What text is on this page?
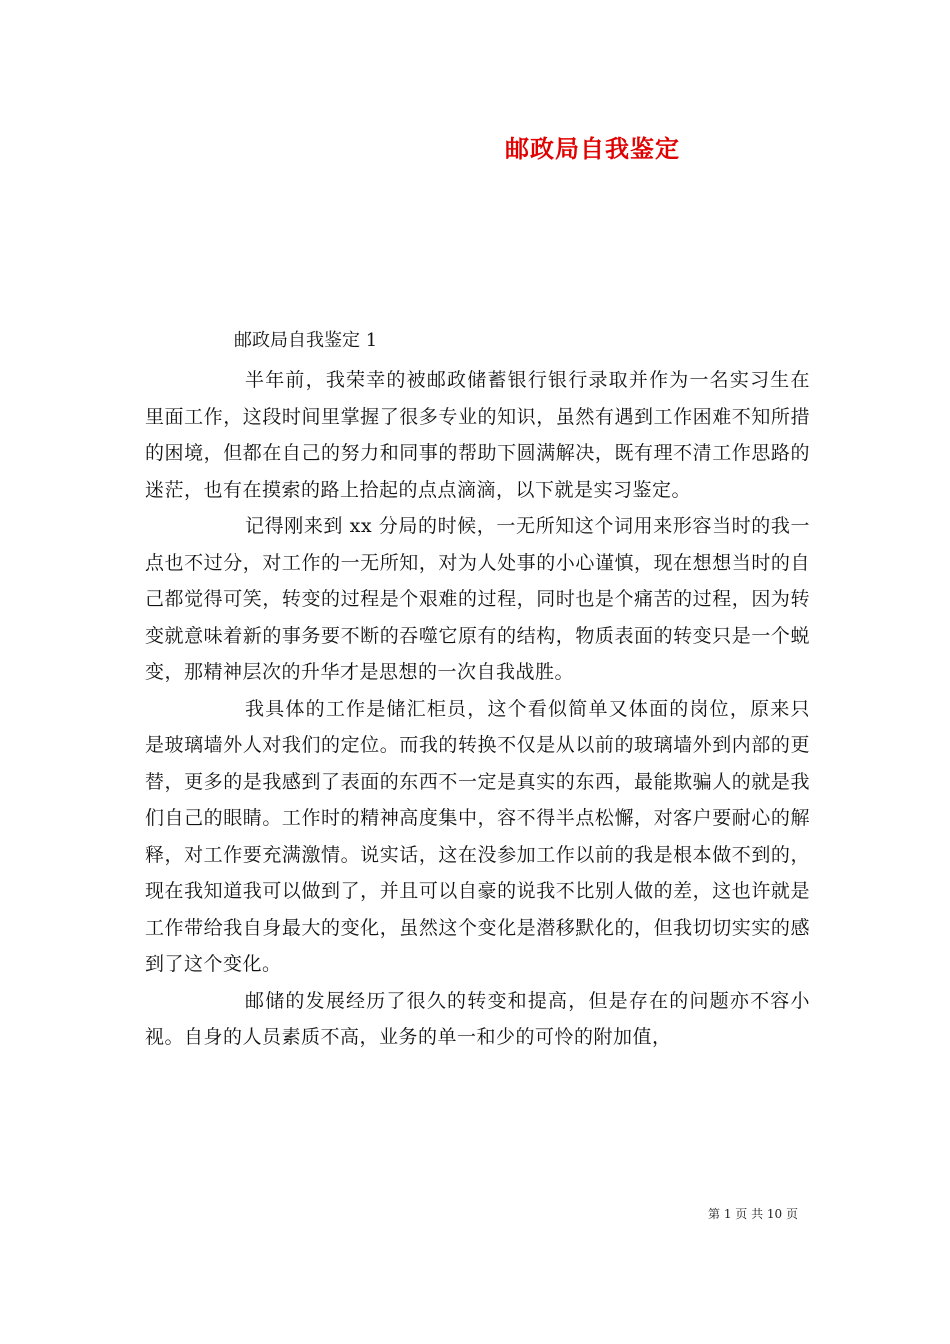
邮政局自我鉴定
邮政局自我鉴定 1

半年前，我荣幸的被邮政储蓄银行银行录取并作为一名实习生在里面工作，这段时间里掌握了很多专业的知识，虽然有遇到工作困难不知所措的困境，但都在自己的努力和同事的帮助下圆满解决，既有理不清工作思路的迷茫，也有在摸索的路上拾起的点点滴滴，以下就是实习鉴定。

记得刚来到 xx 分局的时候，一无所知这个词用来形容当时的我一点也不过分，对工作的一无所知，对为人处事的小心谨慎，现在想想当时的自己都觉得可笑，转变的过程是个艰难的过程，同时也是个痛苦的过程，因为转变就意味着新的事务要不断的吞噬它原有的结构，物质表面的转变只是一个蜕变，那精神层次的升华才是思想的一次自我战胜。

我具体的工作是储汇柜员，这个看似简单又体面的岗位，原来只是玻璃墙外人对我们的定位。而我的转换不仅是从以前的玻璃墙外到内部的更替，更多的是我感到了表面的东西不一定是真实的东西，最能欺骗人的就是我们自己的眼睛。工作时的精神高度集中，容不得半点松懈，对客户要耐心的解释，对工作要充满激情。说实话，这在没参加工作以前的我是根本做不到的，现在我知道我可以做到了，并且可以自豪的说我不比别人做的差，这也许就是工作带给我自身最大的变化，虽然这个变化是潜移默化的，但我切切实实的感到了这个变化。

邮储的发展经历了很久的转变和提高，但是存在的问题亦不容小视。自身的人员素质不高，业务的单一和少的可怜的附加值，

第 1 页 共 10 页
